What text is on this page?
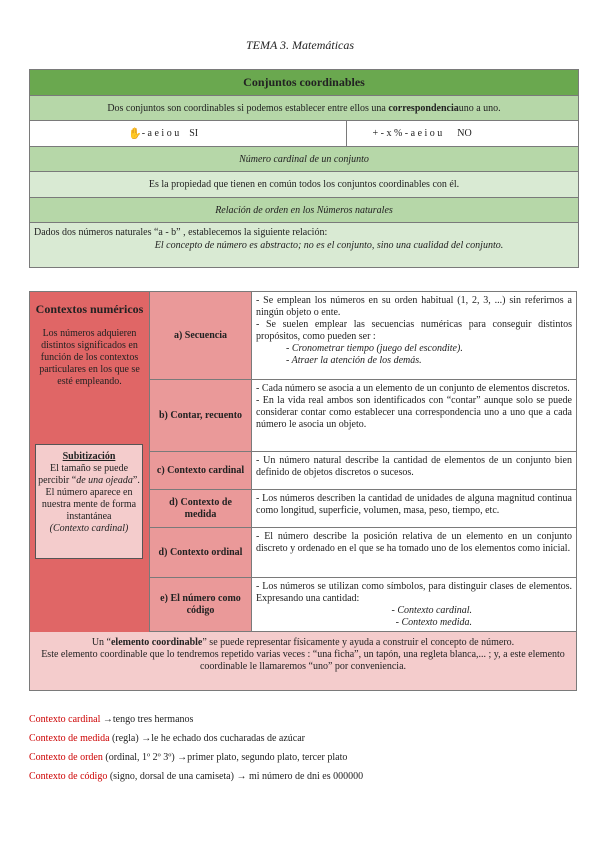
TEMA 3. Matemáticas
Conjuntos coordinables
Dos conjuntos son coordinables si podemos establecer entre ellos una
correspondencia uno a uno.
✋ - a e i o u    SI	+ - x % - a e i o u      NO
Número cardinal de un conjunto
Es la propiedad que tienen en común todos los conjuntos coordinables con él.
Relación de orden en los Números naturales
Dados dos números naturales “a - b” , establecemos la siguiente relación:
El concepto de número es abstracto; no es el conjunto, sino una cualidad del conjunto.
Contextos numéricos
Los números adquieren distintos significados en función de los contextos particulares en los que se esté empleando.
Subitización
El tamaño se puede percibir “de una ojeada”. El número aparece en nuestra mente de forma instantánea
(Contexto cardinal)
a) Secuencia
- Se emplean los números en su orden habitual (1, 2, 3, ...) sin referirnos a ningún objeto o ente.
- Se suelen emplear las secuencias numéricas para conseguir distintos propósitos, como pueden ser :
- Cronometrar tiempo (juego del escondite).
- Atraer la atención de los demás.
b) Contar, recuento
- Cada número se asocia a un elemento de un conjunto de elementos discretos.
- En la vida real ambos son identificados con “contar” aunque solo se puede considerar contar como establecer una correspondencia uno a uno que a cada número le asocia un objeto.
c) Contexto cardinal
- Un número natural describe la cantidad de elementos de un conjunto bien definido de objetos discretos o sucesos.
d) Contexto de medida
- Los números describen la cantidad de unidades de alguna magnitud continua como longitud, superficie, volumen, masa, peso, tiempo, etc.
d) Contexto ordinal
- El número describe la posición relativa de un elemento en un conjunto discreto y ordenado en el que se ha tomado uno de los elementos como inicial.
e) El número como código
- Los números se utilizan como símbolos, para distinguir clases de elementos. Expresando una cantidad:
- Contexto cardinal.
- Contexto medida.
Un “elemento coordinable” se puede representar físicamente y ayuda a construir el concepto de número.
Este elemento coordinable que lo tendremos repetido varias veces : “una ficha”, un tapón, una regleta blanca,... ; y, a este elemento coordinable le llamaremos “uno” por conveniencia.
Contexto cardinal →tengo tres hermanos
Contexto de medida (regla) →le he echado dos cucharadas de azúcar
Contexto de orden (ordinal, 1º 2º 3º) →primer plato, segundo plato, tercer plato
Contexto de código (signo, dorsal de una camiseta) → mi número de dni es 000000
